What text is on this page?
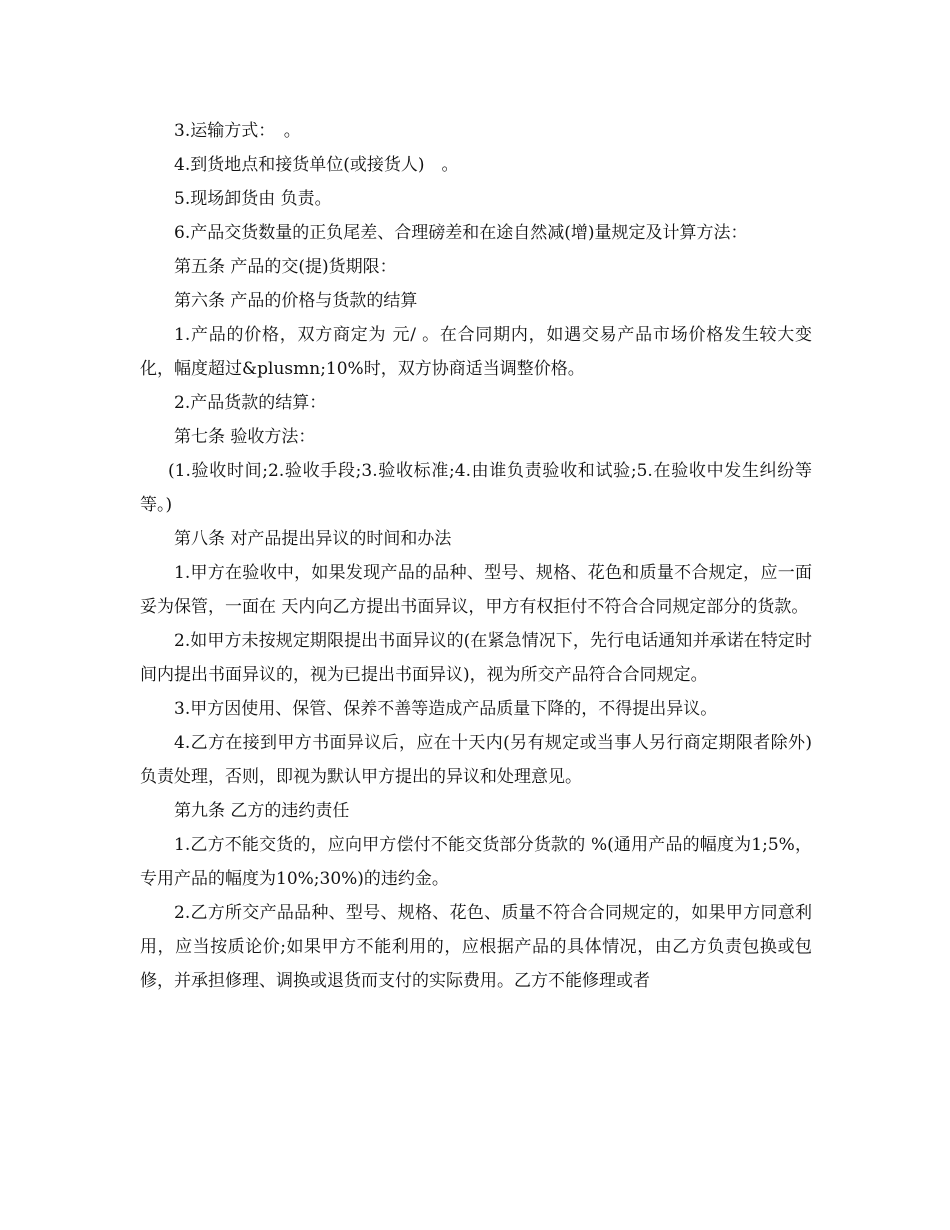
3.运输方式：　。

4.到货地点和接货单位(或接货人)　。

5.现场卸货由 负责。

6.产品交货数量的正负尾差、合理磅差和在途自然减(增)量规定及计算方法：

第五条 产品的交(提)货期限：

第六条 产品的价格与货款的结算

1.产品的价格，双方商定为 元/ 。在合同期内，如遇交易产品市场价格发生较大变化，幅度超过&plusmn;10%时，双方协商适当调整价格。

2.产品货款的结算：

第七条 验收方法：

(1.验收时间;2.验收手段;3.验收标准;4.由谁负责验收和试验;5.在验收中发生纠纷等等。)

第八条 对产品提出异议的时间和办法

1.甲方在验收中，如果发现产品的品种、型号、规格、花色和质量不合规定，应一面妥为保管，一面在 天内向乙方提出书面异议，甲方有权拒付不符合合同规定部分的货款。

2.如甲方未按规定期限提出书面异议的(在紧急情况下，先行电话通知并承诺在特定时间内提出书面异议的，视为已提出书面异议)，视为所交产品符合合同规定。

3.甲方因使用、保管、保养不善等造成产品质量下降的，不得提出异议。

4.乙方在接到甲方书面异议后，应在十天内(另有规定或当事人另行商定期限者除外)负责处理，否则，即视为默认甲方提出的异议和处理意见。

第九条 乙方的违约责任

1.乙方不能交货的，应向甲方偿付不能交货部分货款的 %(通用产品的幅度为1;5%，专用产品的幅度为10%;30%)的违约金。

2.乙方所交产品品种、型号、规格、花色、质量不符合合同规定的，如果甲方同意利用，应当按质论价;如果甲方不能利用的，应根据产品的具体情况，由乙方负责包换或包修，并承担修理、调换或退货而支付的实际费用。乙方不能修理或者
